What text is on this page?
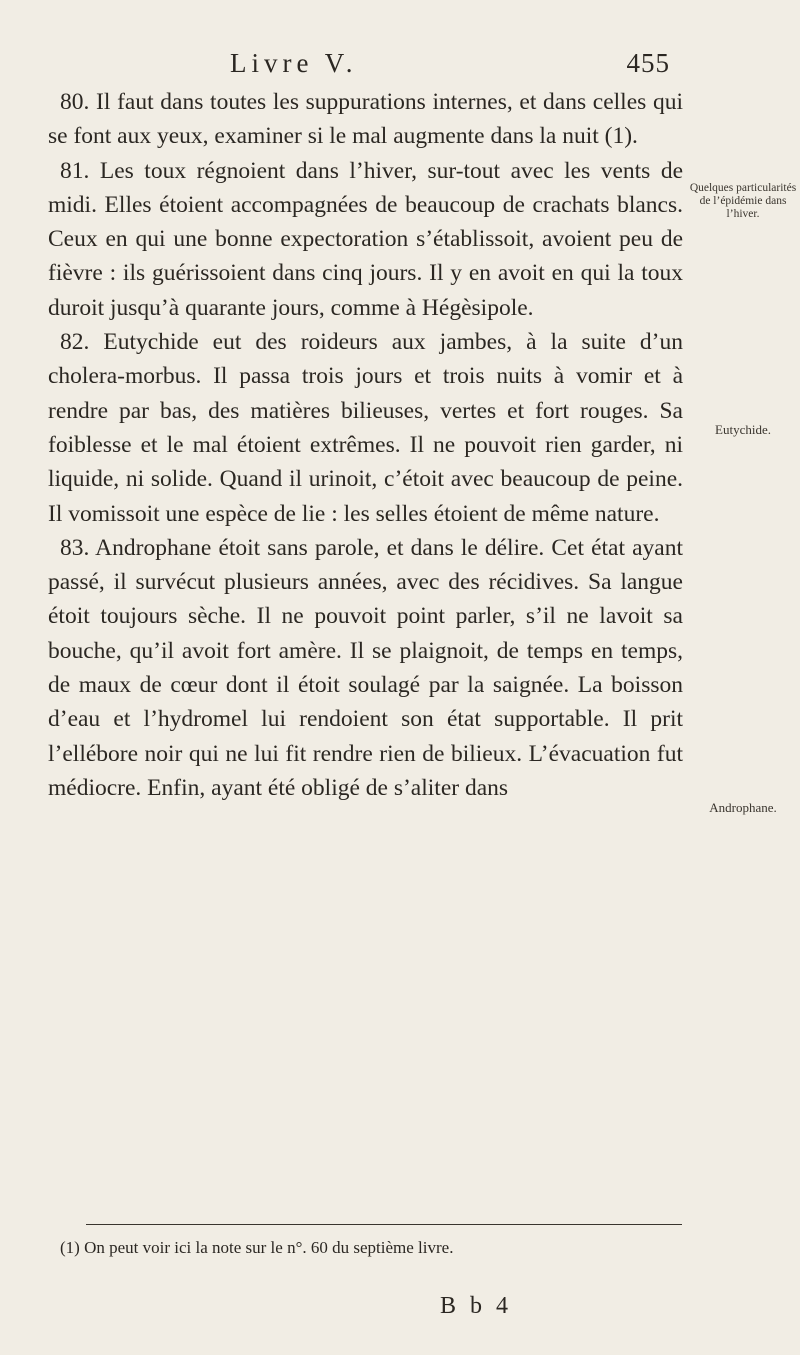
Livre V.	455

80. Il faut dans toutes les suppurations internes, et dans celles qui se font aux yeux, examiner si le mal augmente dans la nuit (1).

81. Les toux régnoient dans l’hiver, sur-tout avec les vents de midi. Elles étoient accompagnées de beaucoup de crachats blancs. Ceux en qui une bonne expectoration s’établissoit, avoient peu de fièvre : ils guérissoient dans cinq jours. Il y en avoit en qui la toux duroit jusqu’à quarante jours, comme à Hégèsipole.

82. Eutychide eut des roideurs aux jambes, à la suite d’un cholera-morbus. Il passa trois jours et trois nuits à vomir et à rendre par bas, des matières bilieuses, vertes et fort rouges. Sa foiblesse et le mal étoient extrêmes. Il ne pouvoit rien garder, ni liquide, ni solide. Quand il urinoit, c’étoit avec beaucoup de peine. Il vomissoit une espèce de lie : les selles étoient de même nature.

83. Androphane étoit sans parole, et dans le délire. Cet état ayant passé, il survécut plusieurs années, avec des récidives. Sa langue étoit toujours sèche. Il ne pouvoit point parler, s’il ne lavoit sa bouche, qu’il avoit fort amère. Il se plaignoit, de temps en temps, de maux de cœur dont il étoit soulagé par la saignée. La boisson d’eau et l’hydromel lui rendoient son état supportable. Il prit l’ellébore noir qui ne lui fit rendre rien de bilieux. L’évacuation fut médiocre. Enfin, ayant été obligé de s’aliter dans

Quelques particularités de l’épidémie dans l’hiver.
Eutychide.
Androphane.

(1) On peut voir ici la note sur le n°. 60 du septième livre.

B b 4
